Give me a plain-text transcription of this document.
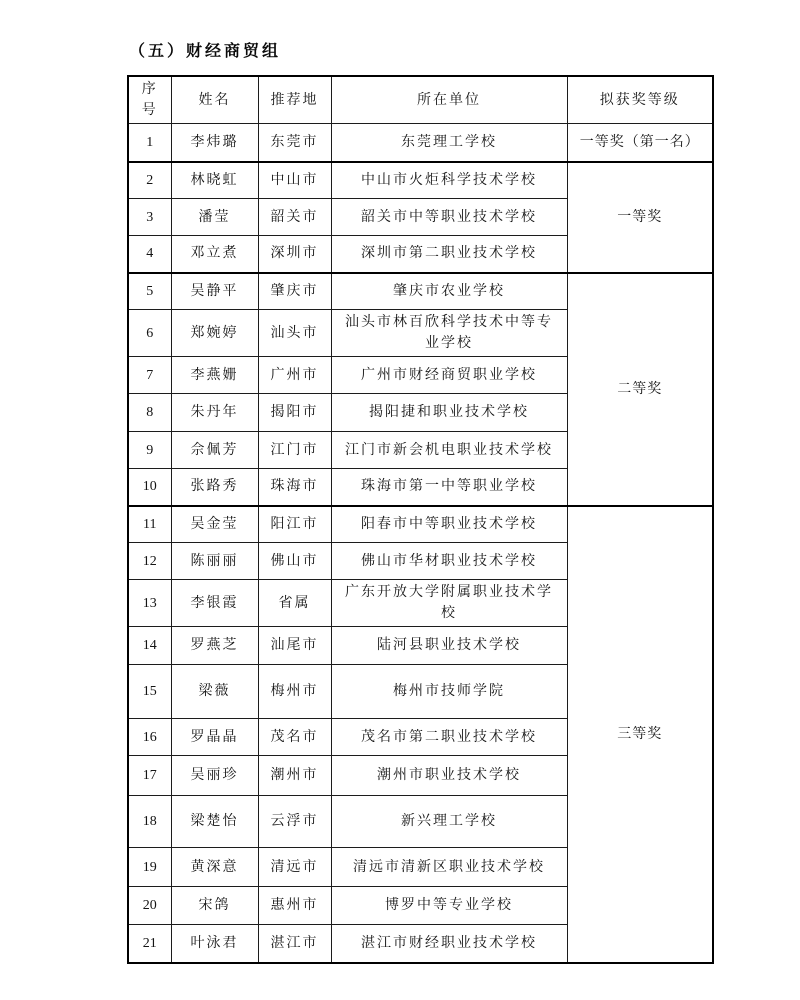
（五）财经商贸组
序号	姓名	推荐地	所在单位	拟获奖等级
1	李炜璐	东莞市	东莞理工学校	一等奖（第一名）
2	林晓虹	中山市	中山市火炬科学技术学校	一等奖
3	潘莹	韶关市	韶关市中等职业技术学校	
4	邓立煮	深圳市	深圳市第二职业技术学校	
5	吴静平	肇庆市	肇庆市农业学校	二等奖
6	郑婉婷	汕头市	汕头市林百欣科学技术中等专业学校	
7	李燕姗	广州市	广州市财经商贸职业学校	
8	朱丹年	揭阳市	揭阳捷和职业技术学校	
9	佘佩芳	江门市	江门市新会机电职业技术学校	
10	张路秀	珠海市	珠海市第一中等职业学校	
11	吴金莹	阳江市	阳春市中等职业技术学校	三等奖
12	陈丽丽	佛山市	佛山市华材职业技术学校	
13	李银霞	省属	广东开放大学附属职业技术学校	
14	罗燕芝	汕尾市	陆河县职业技术学校	
15	梁薇	梅州市	梅州市技师学院	
16	罗晶晶	茂名市	茂名市第二职业技术学校	
17	吴丽珍	潮州市	潮州市职业技术学校	
18	梁楚怡	云浮市	新兴理工学校	
19	黄深意	清远市	清远市清新区职业技术学校	
20	宋鸽	惠州市	博罗中等专业学校	
21	叶泳君	湛江市	湛江市财经职业技术学校	
